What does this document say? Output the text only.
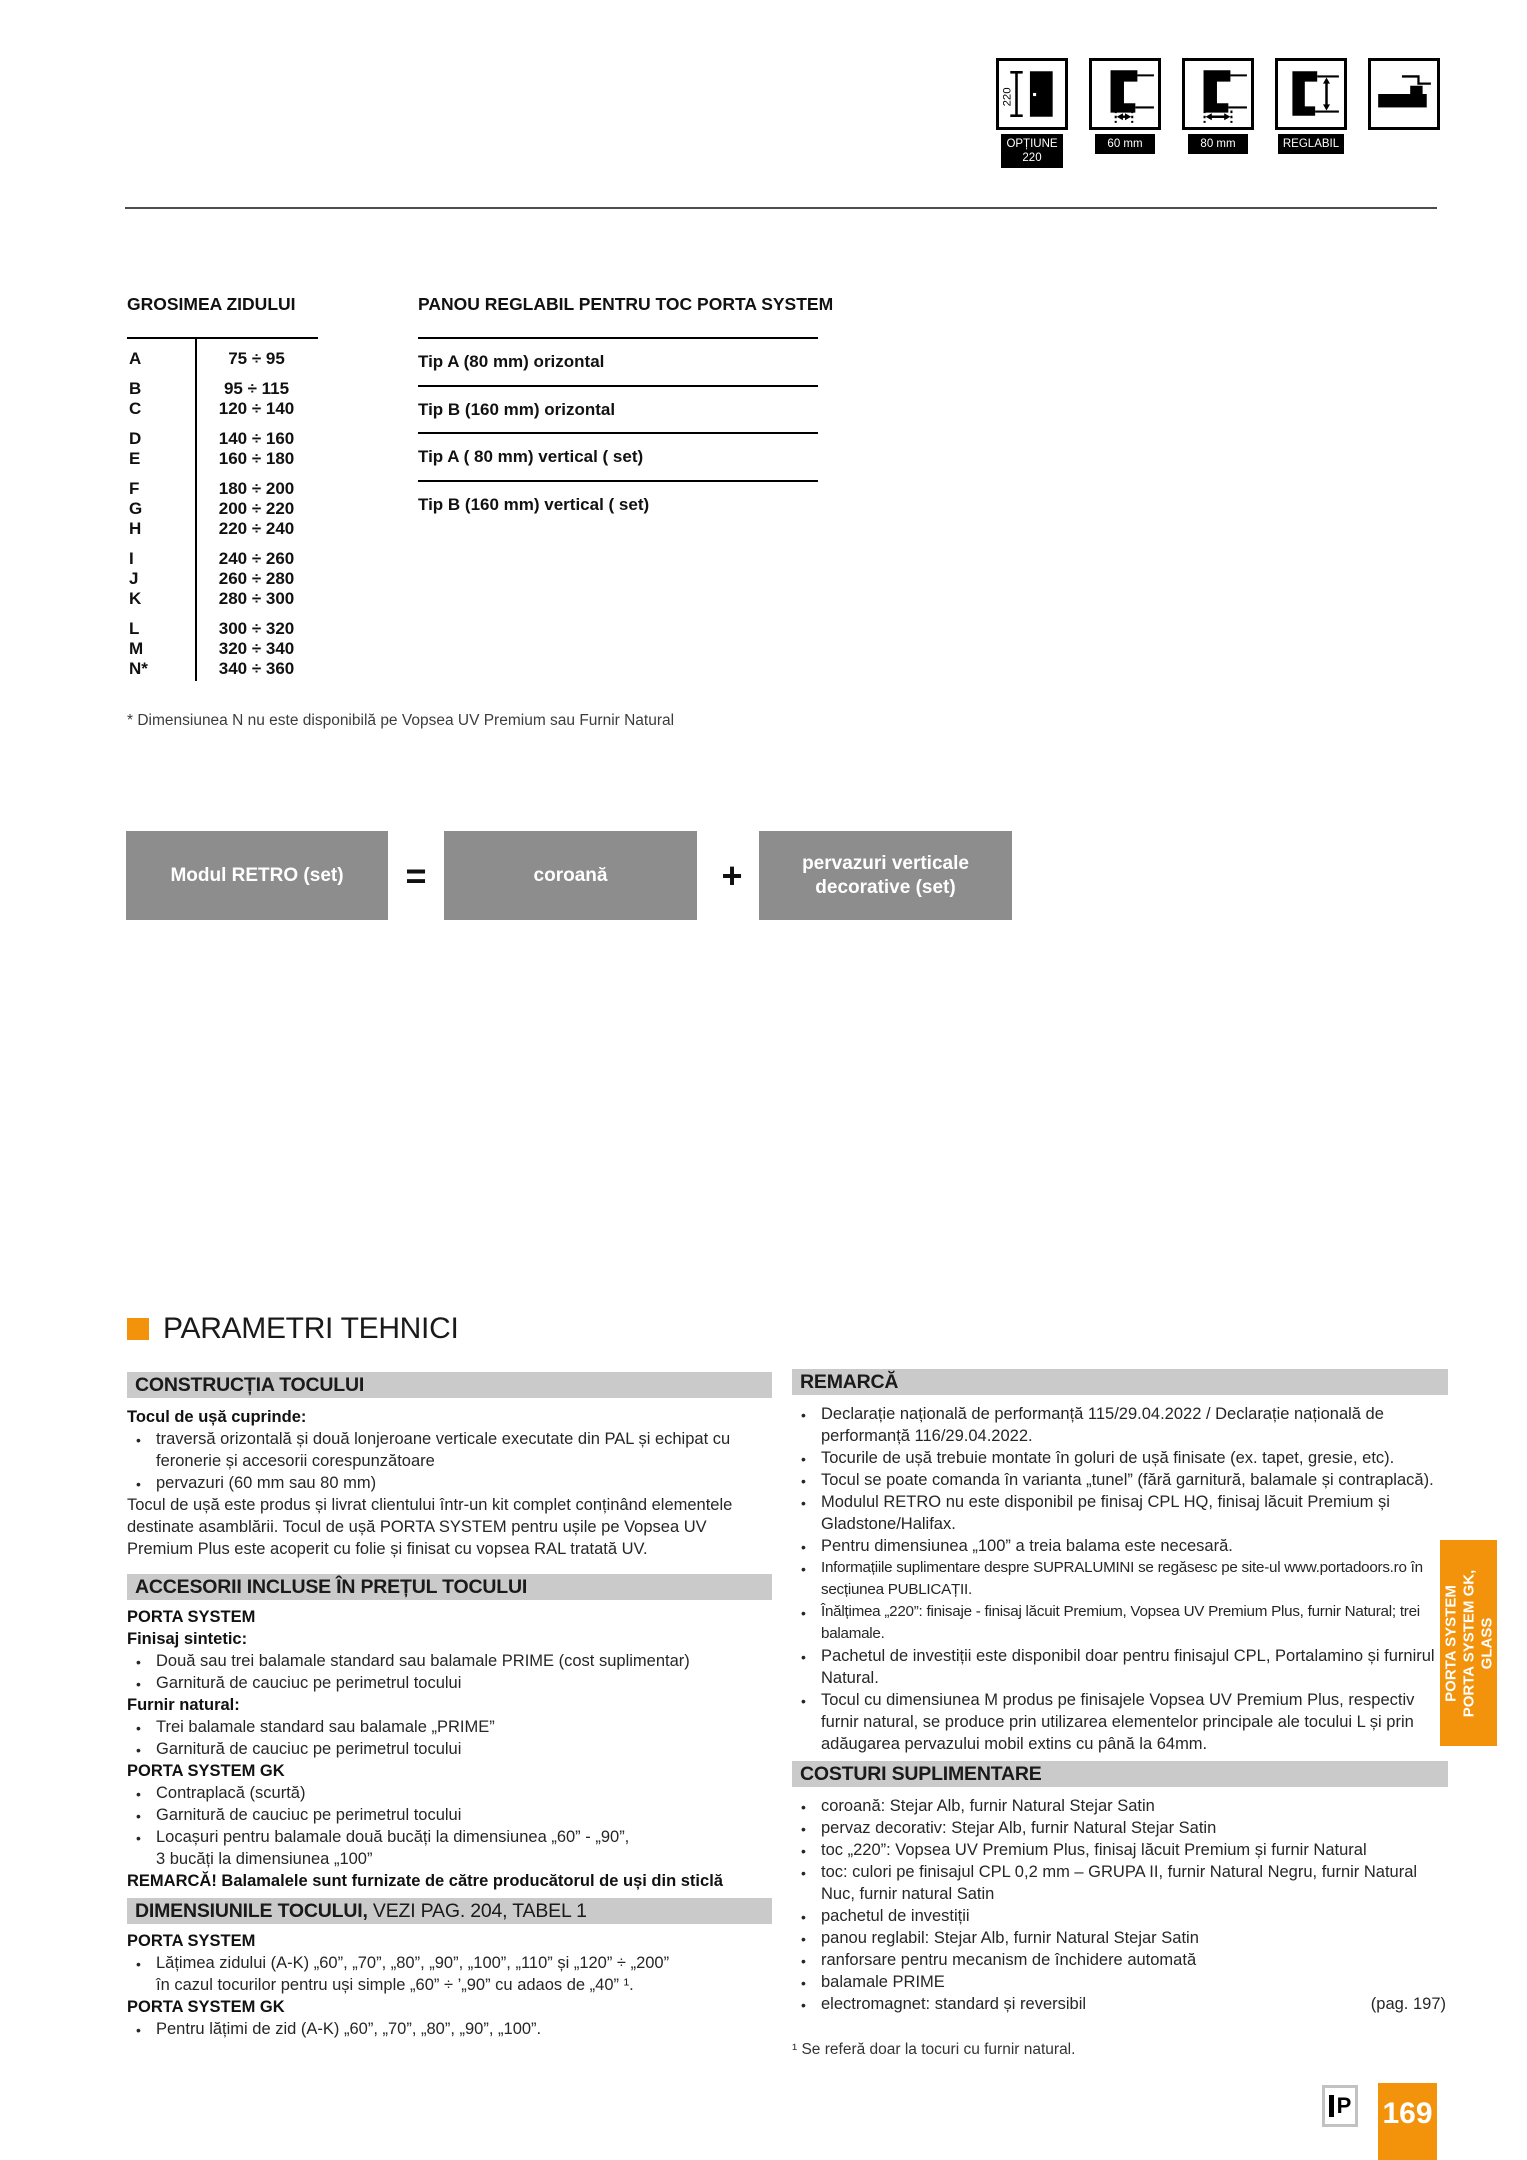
220
OPȚIUNE
220
60 mm	80 mm	REGLABIL
GROSIMEA ZIDULUI	PANOU REGLABIL PENTRU TOC PORTA SYSTEM
A	75 ÷ 95
B	95 ÷ 115
C	120 ÷ 140
D	140 ÷ 160
E	160 ÷ 180
F	180 ÷ 200
G	200 ÷ 220
H	220 ÷ 240
I	240 ÷ 260
J	260 ÷ 280
K	280 ÷ 300
L	300 ÷ 320
M	320 ÷ 340
N*	340 ÷ 360
Tip A (80 mm) orizontal
Tip B (160 mm) orizontal
Tip A ( 80 mm) vertical ( set)
Tip B (160 mm) vertical ( set)
* Dimensiunea N nu este disponibilă pe Vopsea UV Premium sau Furnir Natural
Modul RETRO (set)	=	coroană	+	pervazuri verticale
decorative (set)
PARAMETRI TEHNICI
CONSTRUCȚIA TOCULUI
Tocul de ușă cuprinde:
• traversă orizontală și două lonjeroane verticale executate din PAL și echipat cu feronerie și accesorii corespunzătoare
• pervazuri (60 mm sau 80 mm)
Tocul de ușă este produs și livrat clientului într-un kit complet conținând elementele destinate asamblării. Tocul de ușă PORTA SYSTEM pentru ușile pe Vopsea UV Premium Plus este acoperit cu folie și finisat cu vopsea RAL tratată UV.
ACCESORII INCLUSE ÎN PREȚUL TOCULUI
PORTA SYSTEM
Finisaj sintetic:
• Două sau trei balamale standard sau balamale PRIME (cost suplimentar)
• Garnitură de cauciuc pe perimetrul tocului
Furnir natural:
• Trei balamale standard sau balamale „PRIME”
• Garnitură de cauciuc pe perimetrul tocului
PORTA SYSTEM GK
• Contraplacă (scurtă)
• Garnitură de cauciuc pe perimetrul tocului
• Locașuri pentru balamale două bucăți la dimensiunea „60” - „90”,
3 bucăți la dimensiunea „100”
REMARCĂ! Balamalele sunt furnizate de către producătorul de uși din sticlă
DIMENSIUNILE TOCULUI, VEZI PAG. 204, TABEL 1
PORTA SYSTEM
• Lățimea zidului (A-K) „60”, „70”, „80”, „90”, „100”, „110” și „120” ÷ „200”
în cazul tocurilor pentru uși simple „60” ÷ ’„90” cu adaos de „40” ¹.
PORTA SYSTEM GK
• Pentru lățimi de zid (A-K) „60”, „70”, „80”, „90”, „100”.
REMARCĂ
• Declarație națională de performanță 115/29.04.2022 / Declarație națională de performanță 116/29.04.2022.
• Tocurile de ușă trebuie montate în goluri de ușă finisate (ex. tapet, gresie, etc).
• Tocul se poate comanda în varianta „tunel” (fără garnitură, balamale și contraplacă).
• Modulul RETRO nu este disponibil pe finisaj CPL HQ, finisaj lăcuit Premium și Gladstone/Halifax.
• Pentru dimensiunea „100” a treia balama este necesară.
• Informațiile suplimentare despre SUPRALUMINI se regăsesc pe site-ul www.portadoors.ro în secțiunea PUBLICAȚII.
• Înălțimea „220”: finisaje - finisaj lăcuit Premium, Vopsea UV Premium Plus, furnir Natural; trei balamale.
• Pachetul de investiții este disponibil doar pentru finisajul CPL, Portalamino și furnirul Natural.
• Tocul cu dimensiunea M produs pe finisajele Vopsea UV Premium Plus, respectiv furnir natural, se produce prin utilizarea elementelor principale ale tocului L și prin adăugarea pervazului mobil extins cu până la 64mm.
COSTURI SUPLIMENTARE
• coroană: Stejar Alb, furnir Natural Stejar Satin
• pervaz decorativ: Stejar Alb, furnir Natural Stejar Satin
• toc „220”: Vopsea UV Premium Plus, finisaj lăcuit Premium și furnir Natural
• toc: culori pe finisajul CPL 0,2 mm – GRUPA II, furnir Natural Negru, furnir Natural Nuc, furnir natural Satin
• pachetul de investiții
• panou reglabil: Stejar Alb, furnir Natural Stejar Satin
• ranforsare pentru mecanism de închidere automată
• balamale PRIME
• electromagnet: standard și reversibil	(pag. 197)
¹ Se referă doar la tocuri cu furnir natural.
PORTA SYSTEM PORTA SYSTEM GK, GLASS
P 169
